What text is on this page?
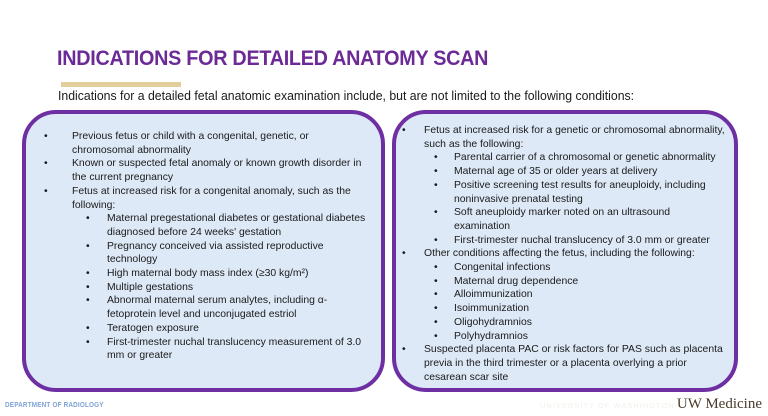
INDICATIONS FOR DETAILED ANATOMY SCAN
Indications for a detailed fetal anatomic examination include, but are not limited to the following conditions:
• Previous fetus or child with a congenital, genetic, or chromosomal abnormality
• Known or suspected fetal anomaly or known growth disorder in the current pregnancy
• Fetus at increased risk for a congenital anomaly, such as the following:
• Maternal pregestational diabetes or gestational diabetes diagnosed before 24 weeks' gestation
• Pregnancy conceived via assisted reproductive technology
• High maternal body mass index (≥30 kg/m²)
• Multiple gestations
• Abnormal maternal serum analytes, including α-fetoprotein level and unconjugated estriol
• Teratogen exposure
• First-trimester nuchal translucency measurement of 3.0 mm or greater
• Fetus at increased risk for a genetic or chromosomal abnormality, such as the following:
• Parental carrier of a chromosomal or genetic abnormality
• Maternal age of 35 or older years at delivery
• Positive screening test results for aneuploidy, including noninvasive prenatal testing
• Soft aneuploidy marker noted on an ultrasound examination
• First-trimester nuchal translucency of 3.0 mm or greater
• Other conditions affecting the fetus, including the following:
• Congenital infections
• Maternal drug dependence
• Alloimmunization
• Isoimmunization
• Oligohydramnios
• Polyhydramnios
• Suspected placenta PAC or risk factors for PAS such as placenta previa in the third trimester or a placenta overlying a prior cesarean scar site
DEPARTMENT OF RADIOLOGY	UNIVERSITY OF WASHINGTON UW Medicine
